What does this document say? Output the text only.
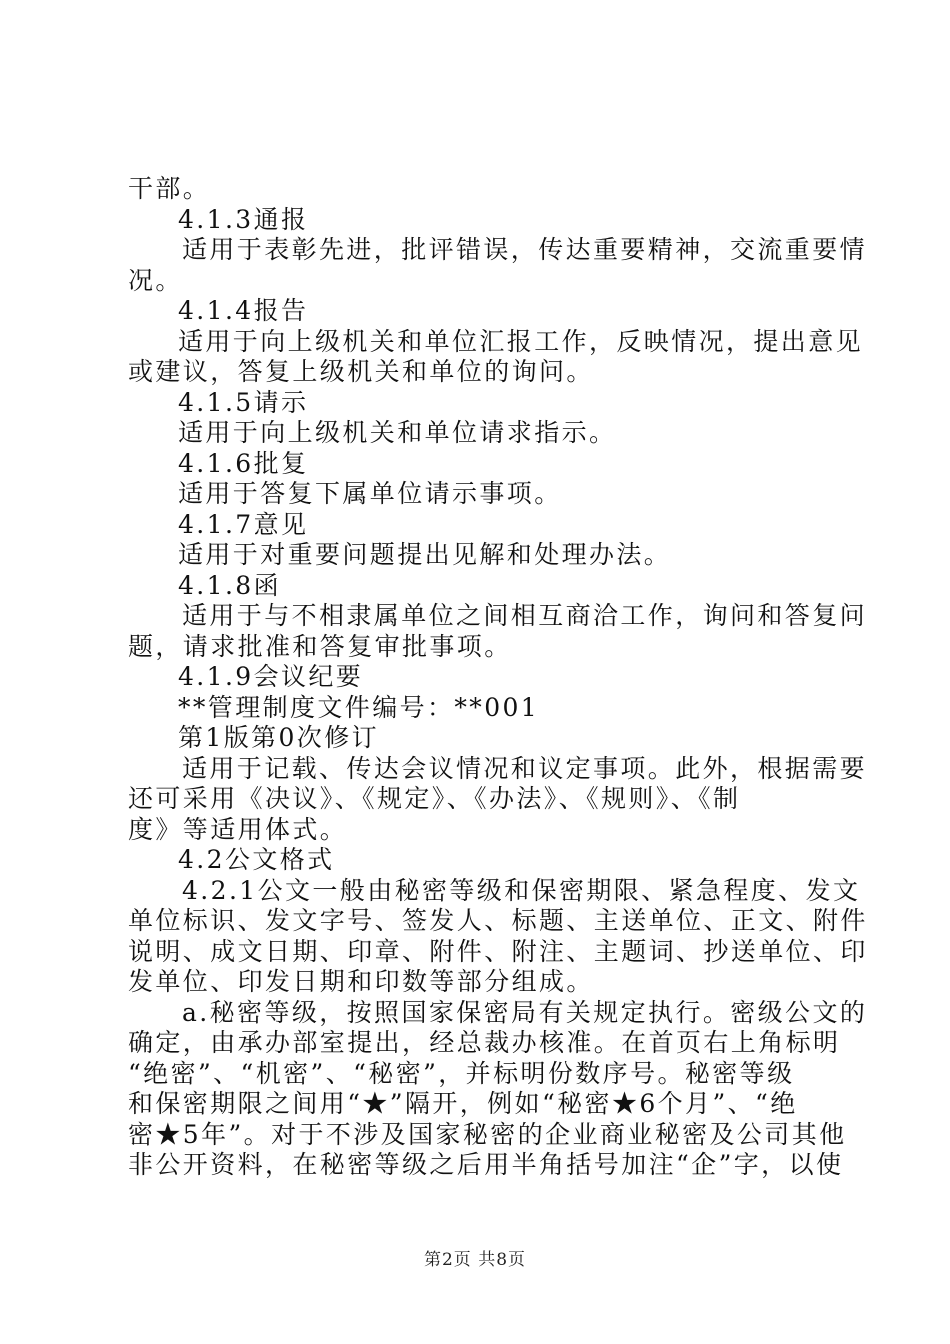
干部。
4.1.3通报
适用于表彰先进，批评错误，传达重要精神，交流重要情
况。
4.1.4报告
适用于向上级机关和单位汇报工作，反映情况，提出意见
或建议，答复上级机关和单位的询问。
4.1.5请示
适用于向上级机关和单位请求指示。
4.1.6批复
适用于答复下属单位请示事项。
4.1.7意见
适用于对重要问题提出见解和处理办法。
4.1.8函
适用于与不相隶属单位之间相互商洽工作，询问和答复问
题，请求批准和答复审批事项。
4.1.9会议纪要
**管理制度文件编号：**001
第1版第0次修订
适用于记载、传达会议情况和议定事项。此外，根据需要
还可采用《决议》、《规定》、《办法》、《规则》、《制
度》等适用体式。
4.2公文格式
4.2.1公文一般由秘密等级和保密期限、紧急程度、发文
单位标识、发文字号、签发人、标题、主送单位、正文、附件
说明、成文日期、印章、附件、附注、主题词、抄送单位、印
发单位、印发日期和印数等部分组成。
a.秘密等级，按照国家保密局有关规定执行。密级公文的
确定，由承办部室提出，经总裁办核准。在首页右上角标明
“绝密”、“机密”、“秘密”，并标明份数序号。秘密等级
和保密期限之间用“★”隔开，例如“秘密★6个月”、“绝
密★5年”。对于不涉及国家秘密的企业商业秘密及公司其他
非公开资料，在秘密等级之后用半角括号加注“企”字，以使
第2页 共8页
